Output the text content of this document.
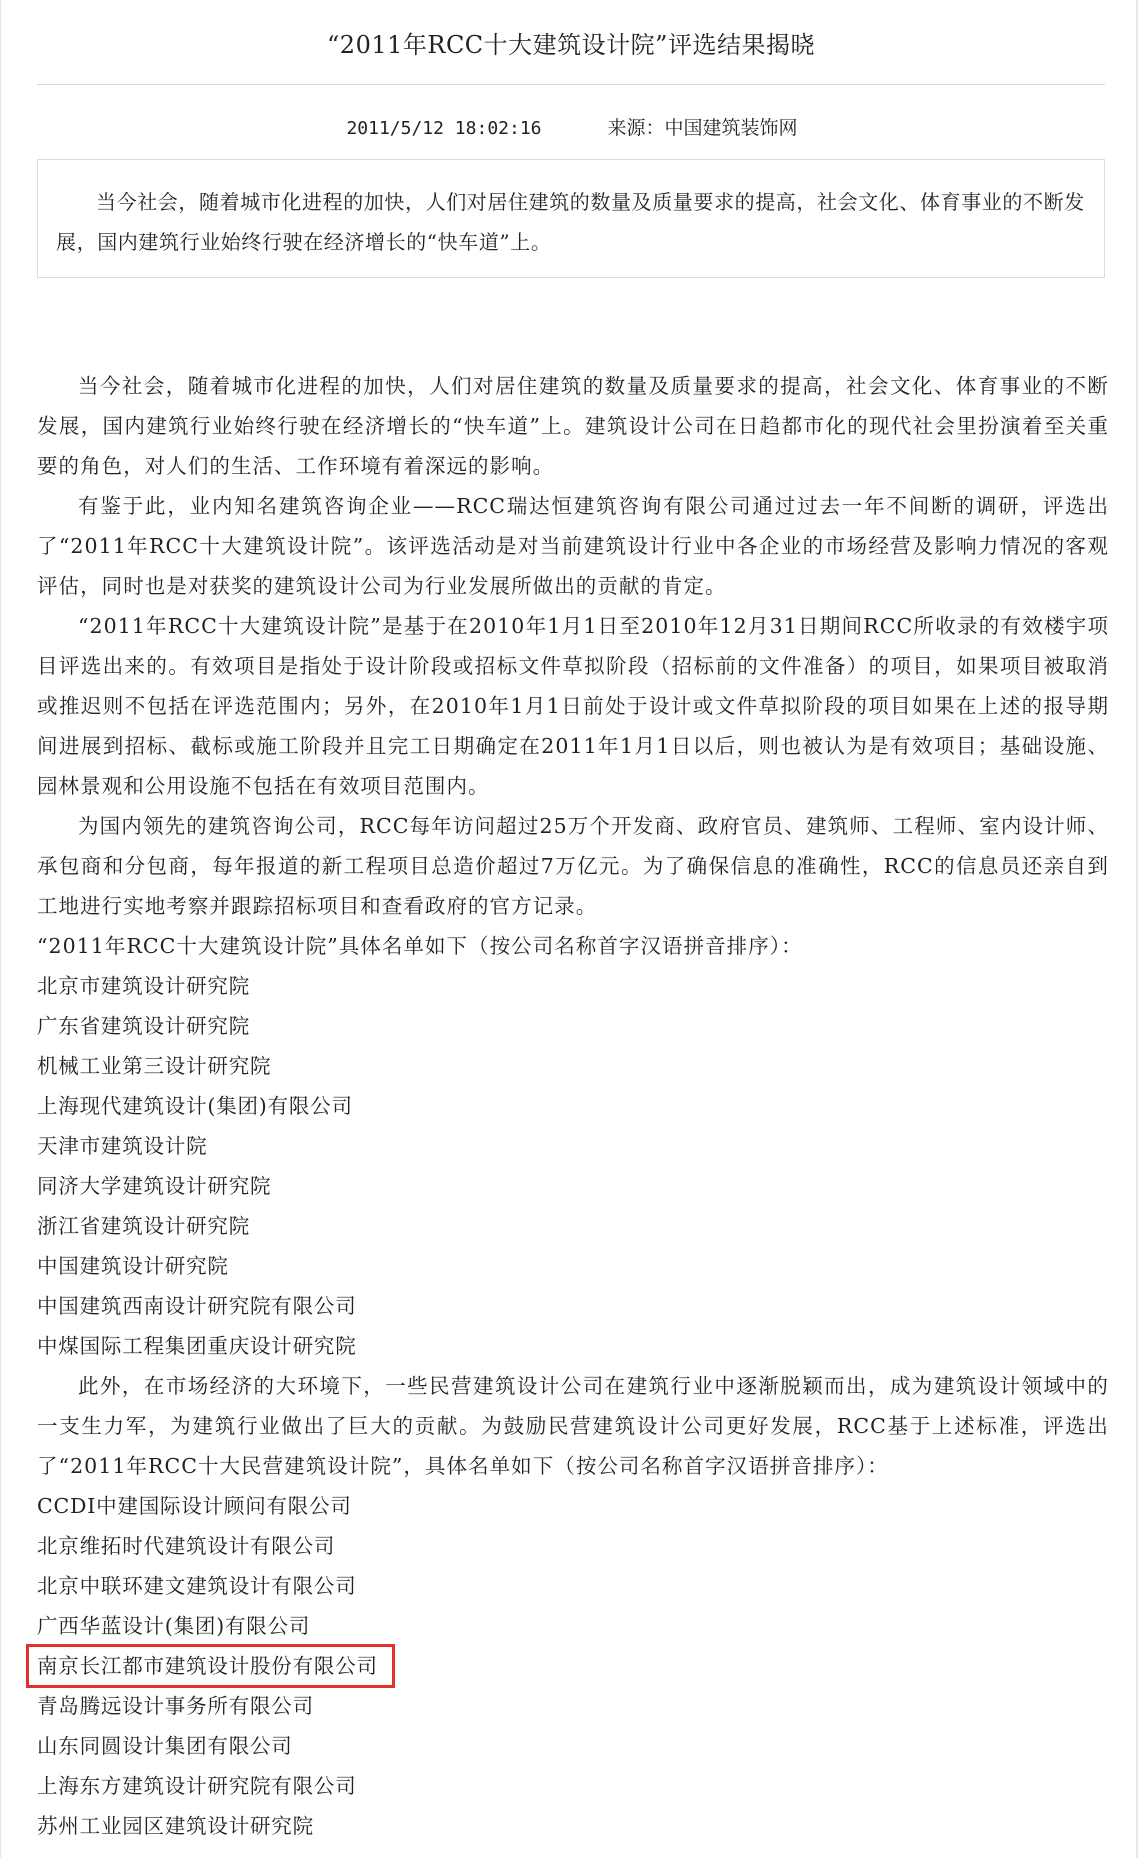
“2011年RCC十大建筑设计院”评选结果揭晓
2011/5/12 18:02:16	来源：中国建筑装饰网

当今社会，随着城市化进程的加快，人们对居住建筑的数量及质量要求的提高，社会文化、体育事业的不断发展，国内建筑行业始终行驶在经济增长的“快车道”上。

当今社会，随着城市化进程的加快，人们对居住建筑的数量及质量要求的提高，社会文化、体育事业的不断发展，国内建筑行业始终行驶在经济增长的“快车道”上。建筑设计公司在日趋都市化的现代社会里扮演着至关重要的角色，对人们的生活、工作环境有着深远的影响。

有鉴于此，业内知名建筑咨询企业——RCC瑞达恒建筑咨询有限公司通过过去一年不间断的调研，评选出了“2011年RCC十大建筑设计院”。该评选活动是对当前建筑设计行业中各企业的市场经营及影响力情况的客观评估，同时也是对获奖的建筑设计公司为行业发展所做出的贡献的肯定。

“2011年RCC十大建筑设计院”是基于在2010年1月1日至2010年12月31日期间RCC所收录的有效楼宇项目评选出来的。有效项目是指处于设计阶段或招标文件草拟阶段（招标前的文件准备）的项目，如果项目被取消或推迟则不包括在评选范围内；另外，在2010年1月1日前处于设计或文件草拟阶段的项目如果在上述的报导期间进展到招标、截标或施工阶段并且完工日期确定在2011年1月1日以后，则也被认为是有效项目；基础设施、园林景观和公用设施不包括在有效项目范围内。

为国内领先的建筑咨询公司，RCC每年访问超过25万个开发商、政府官员、建筑师、工程师、室内设计师、承包商和分包商，每年报道的新工程项目总造价超过7万亿元。为了确保信息的准确性，RCC的信息员还亲自到工地进行实地考察并跟踪招标项目和查看政府的官方记录。

“2011年RCC十大建筑设计院”具体名单如下（按公司名称首字汉语拼音排序）：

北京市建筑设计研究院

广东省建筑设计研究院

机械工业第三设计研究院

上海现代建筑设计(集团)有限公司

天津市建筑设计院

同济大学建筑设计研究院

浙江省建筑设计研究院

中国建筑设计研究院

中国建筑西南设计研究院有限公司

中煤国际工程集团重庆设计研究院

此外，在市场经济的大环境下，一些民营建筑设计公司在建筑行业中逐渐脱颖而出，成为建筑设计领域中的一支生力军，为建筑行业做出了巨大的贡献。为鼓励民营建筑设计公司更好发展，RCC基于上述标准，评选出了“2011年RCC十大民营建筑设计院”，具体名单如下（按公司名称首字汉语拼音排序）：

CCDI中建国际设计顾问有限公司

北京维拓时代建筑设计有限公司

北京中联环建文建筑设计有限公司

广西华蓝设计(集团)有限公司

南京长江都市建筑设计股份有限公司

青岛腾远设计事务所有限公司

山东同圆设计集团有限公司

上海东方建筑设计研究院有限公司

苏州工业园区建筑设计研究院
